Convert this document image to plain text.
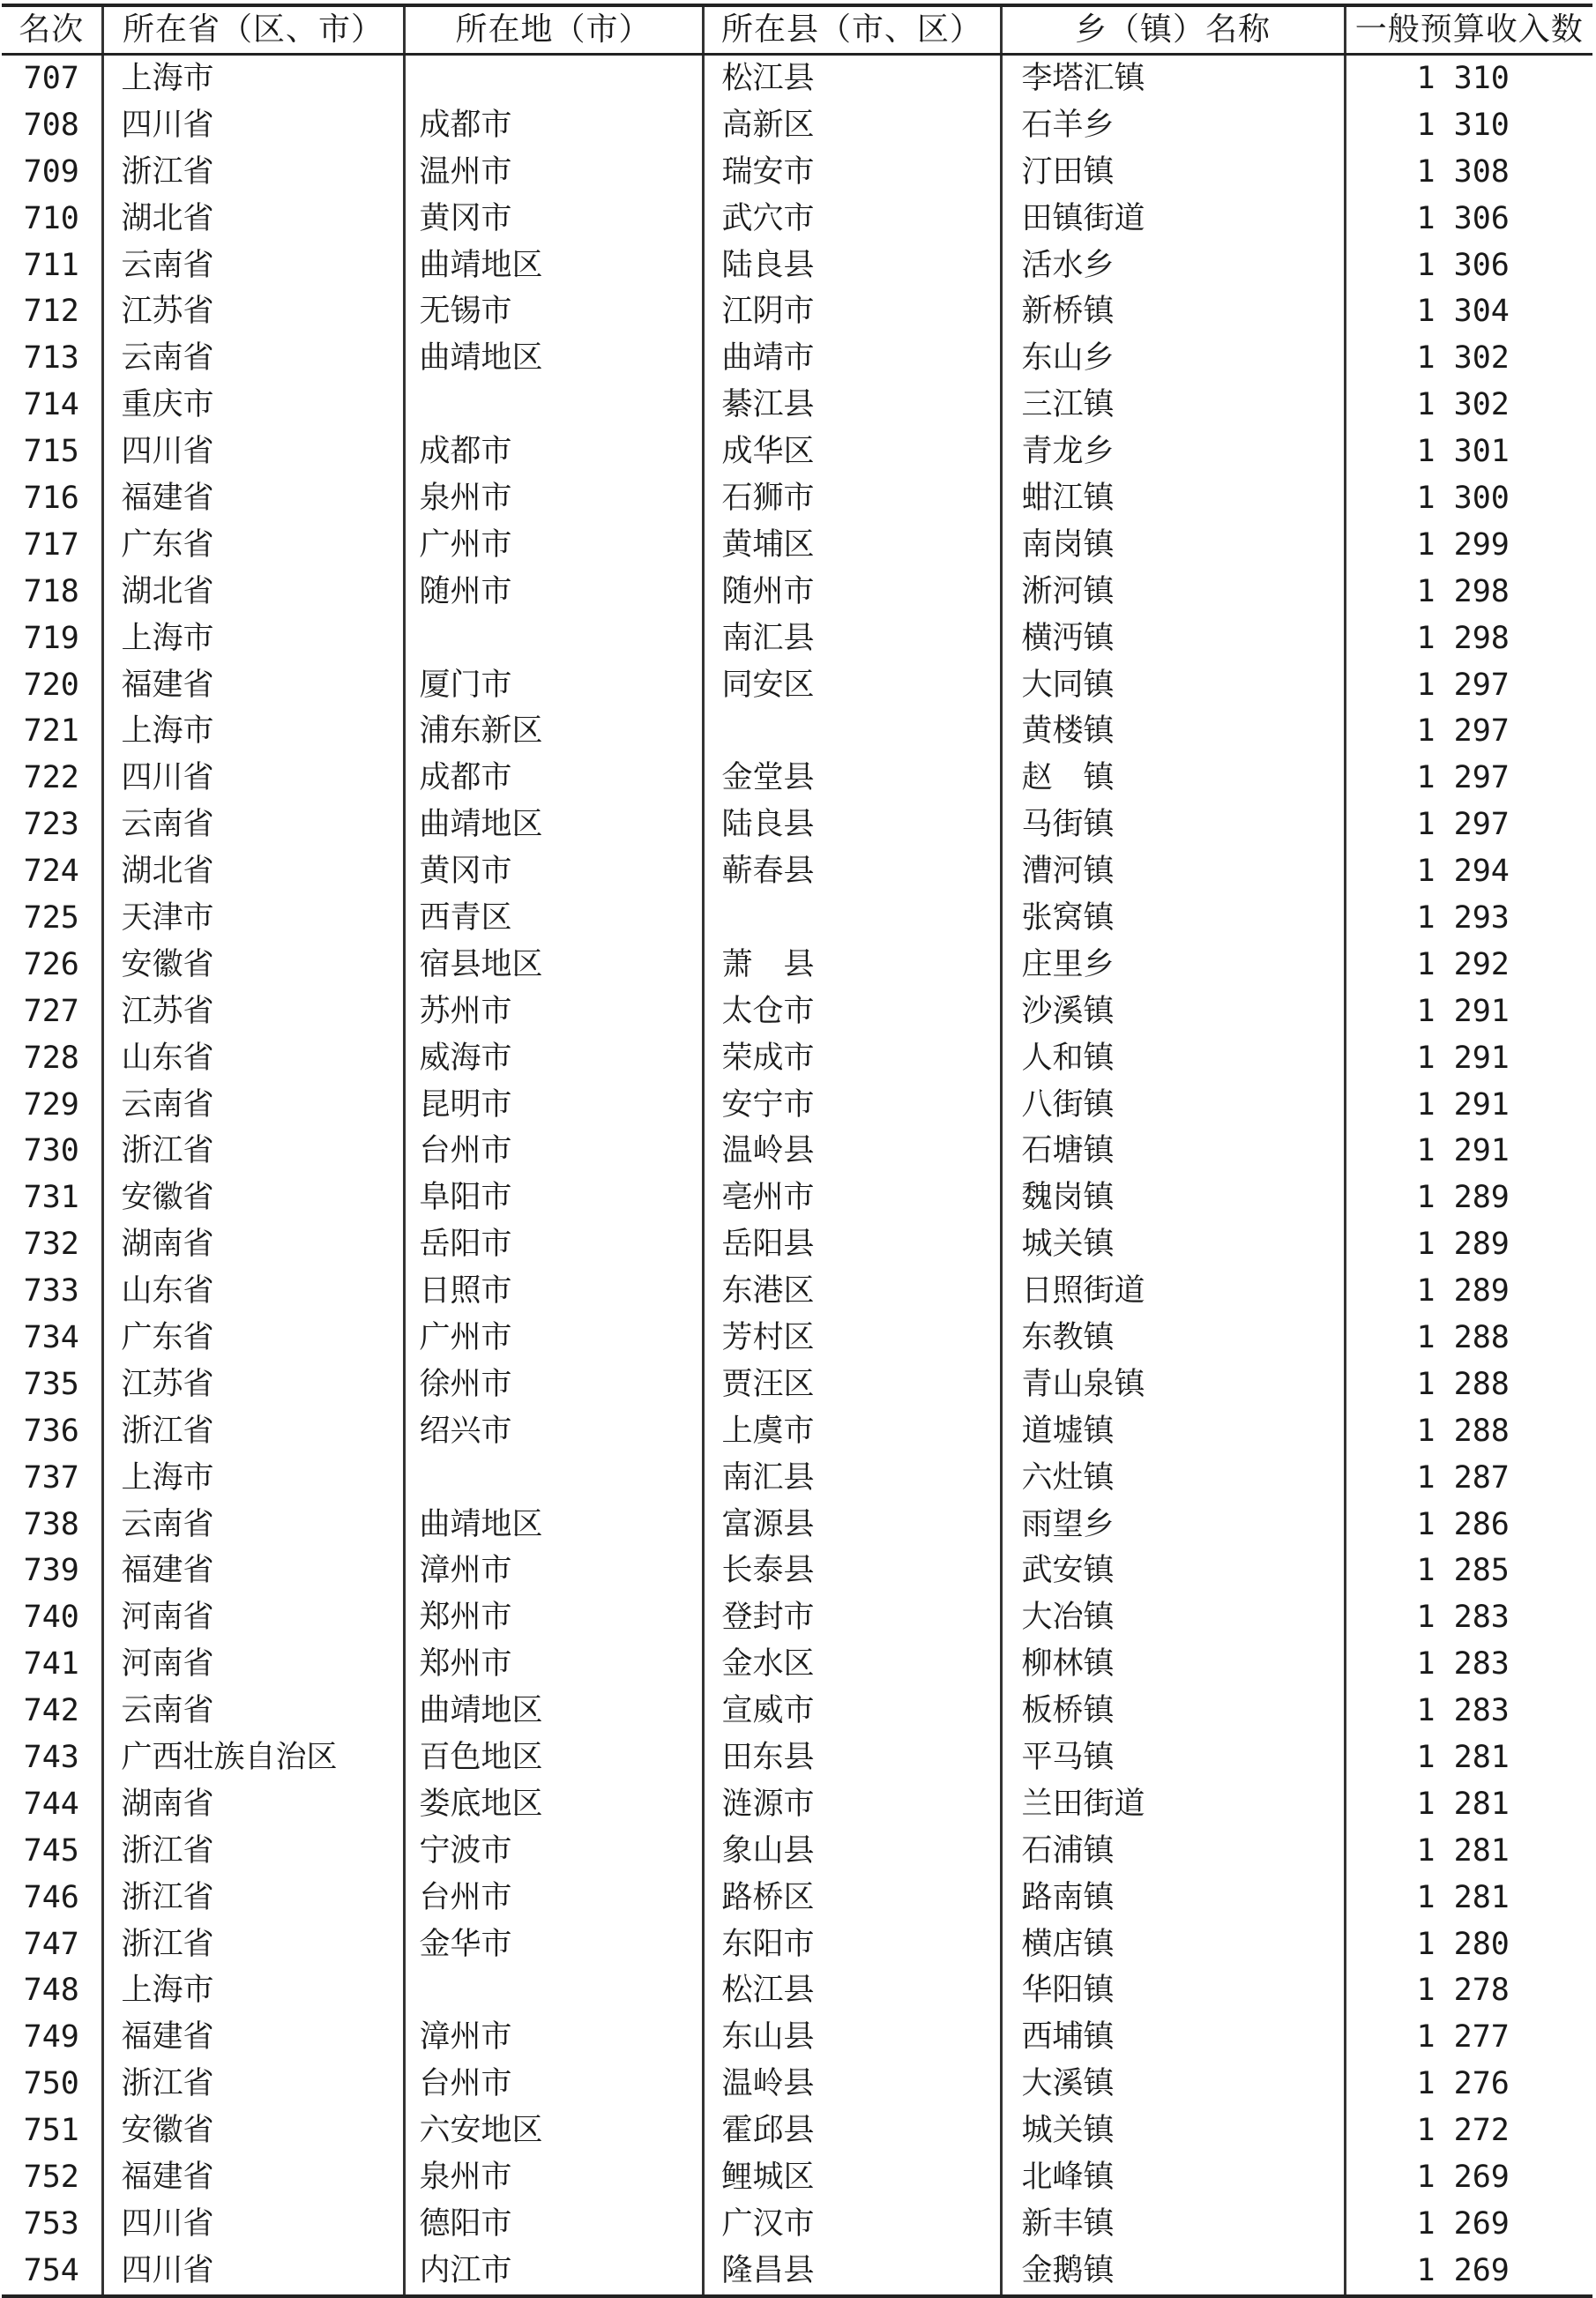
名次	所在省（区、市）	所在地（市）	所在县（市、区）	乡（镇）名称	一般预算收入数
707	上海市		松江县	李塔汇镇	1 310
708	四川省	成都市	高新区	石羊乡	1 310
709	浙江省	温州市	瑞安市	汀田镇	1 308
710	湖北省	黄冈市	武穴市	田镇街道	1 306
711	云南省	曲靖地区	陆良县	活水乡	1 306
712	江苏省	无锡市	江阴市	新桥镇	1 304
713	云南省	曲靖地区	曲靖市	东山乡	1 302
714	重庆市		綦江县	三江镇	1 302
715	四川省	成都市	成华区	青龙乡	1 301
716	福建省	泉州市	石狮市	蚶江镇	1 300
717	广东省	广州市	黄埔区	南岗镇	1 299
718	湖北省	随州市	随州市	淅河镇	1 298
719	上海市		南汇县	横沔镇	1 298
720	福建省	厦门市	同安区	大同镇	1 297
721	上海市	浦东新区		黄楼镇	1 297
722	四川省	成都市	金堂县	赵　镇	1 297
723	云南省	曲靖地区	陆良县	马街镇	1 297
724	湖北省	黄冈市	蕲春县	漕河镇	1 294
725	天津市	西青区		张窝镇	1 293
726	安徽省	宿县地区	萧　县	庄里乡	1 292
727	江苏省	苏州市	太仓市	沙溪镇	1 291
728	山东省	威海市	荣成市	人和镇	1 291
729	云南省	昆明市	安宁市	八街镇	1 291
730	浙江省	台州市	温岭县	石塘镇	1 291
731	安徽省	阜阳市	亳州市	魏岗镇	1 289
732	湖南省	岳阳市	岳阳县	城关镇	1 289
733	山东省	日照市	东港区	日照街道	1 289
734	广东省	广州市	芳村区	东教镇	1 288
735	江苏省	徐州市	贾汪区	青山泉镇	1 288
736	浙江省	绍兴市	上虞市	道墟镇	1 288
737	上海市		南汇县	六灶镇	1 287
738	云南省	曲靖地区	富源县	雨望乡	1 286
739	福建省	漳州市	长泰县	武安镇	1 285
740	河南省	郑州市	登封市	大冶镇	1 283
741	河南省	郑州市	金水区	柳林镇	1 283
742	云南省	曲靖地区	宣威市	板桥镇	1 283
743	广西壮族自治区	百色地区	田东县	平马镇	1 281
744	湖南省	娄底地区	涟源市	兰田街道	1 281
745	浙江省	宁波市	象山县	石浦镇	1 281
746	浙江省	台州市	路桥区	路南镇	1 281
747	浙江省	金华市	东阳市	横店镇	1 280
748	上海市		松江县	华阳镇	1 278
749	福建省	漳州市	东山县	西埔镇	1 277
750	浙江省	台州市	温岭县	大溪镇	1 276
751	安徽省	六安地区	霍邱县	城关镇	1 272
752	福建省	泉州市	鲤城区	北峰镇	1 269
753	四川省	德阳市	广汉市	新丰镇	1 269
754	四川省	内江市	隆昌县	金鹅镇	1 269
